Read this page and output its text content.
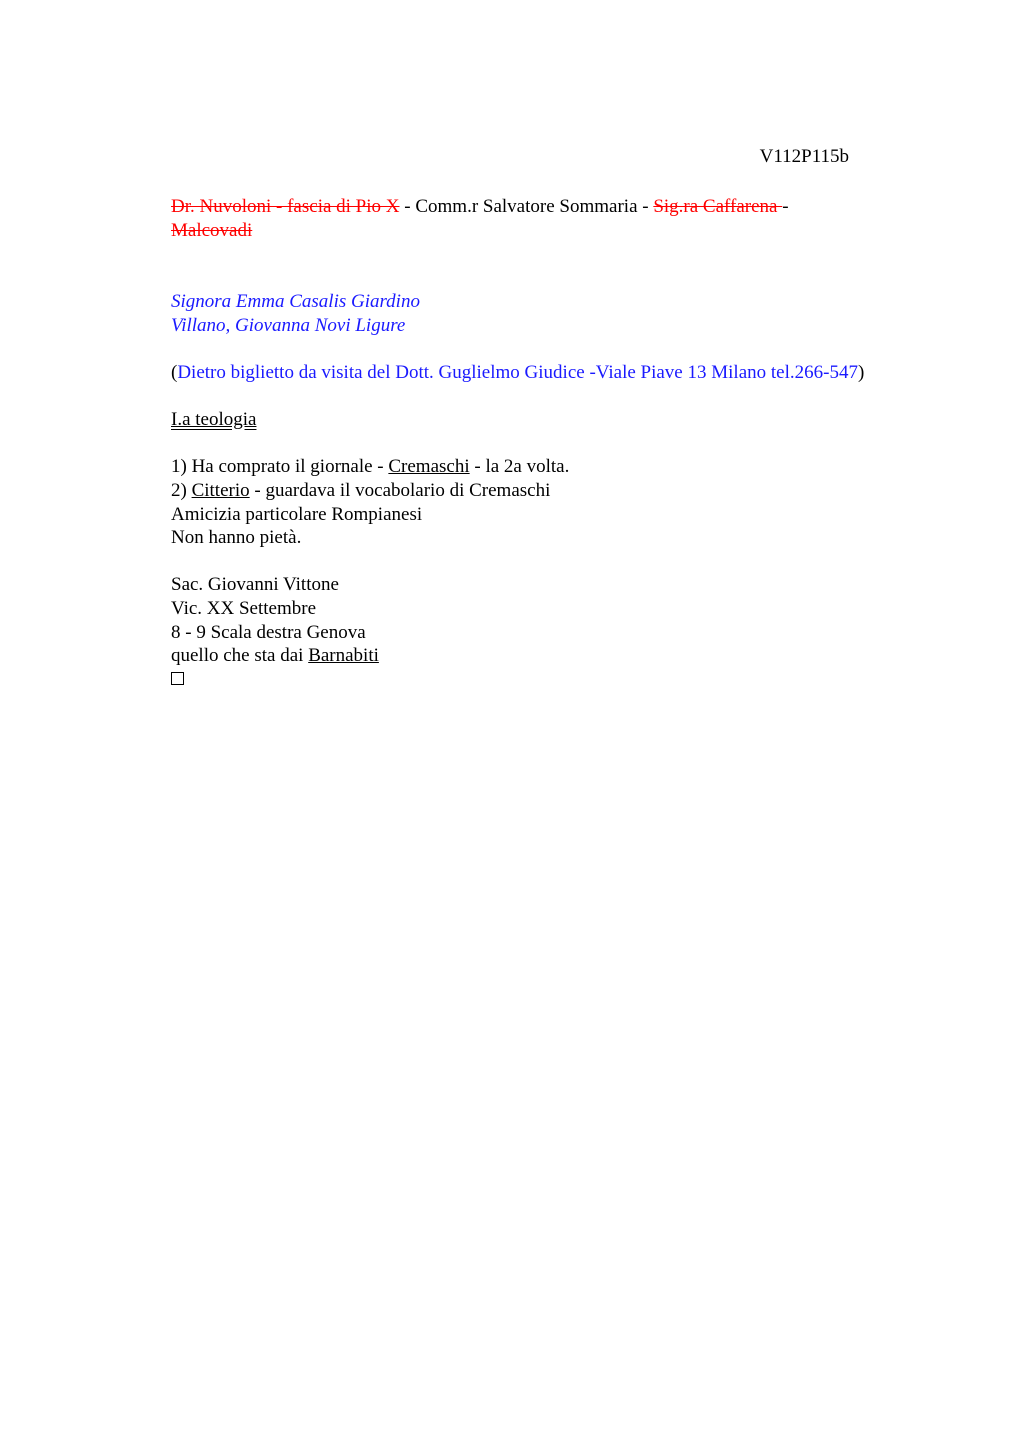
V112P115b
Dr. Nuvoloni - fascia di Pio X - Comm.r Salvatore Sommaria - Sig.ra Caffarena -
Malcovadi
Signora Emma Casalis Giardino
Villano, Giovanna Novi Ligure
(Dietro biglietto da visita del Dott. Guglielmo Giudice -Viale Piave 13 Milano tel.266-547)
I.a teologia
1) Ha comprato il giornale - Cremaschi - la 2a volta.
2) Citterio - guardava il vocabolario di Cremaschi
Amicizia particolare Rompianesi
Non hanno pietà.
Sac. Giovanni Vittone
Vic. XX Settembre
8 - 9 Scala destra Genova
quello che sta dai Barnabiti
